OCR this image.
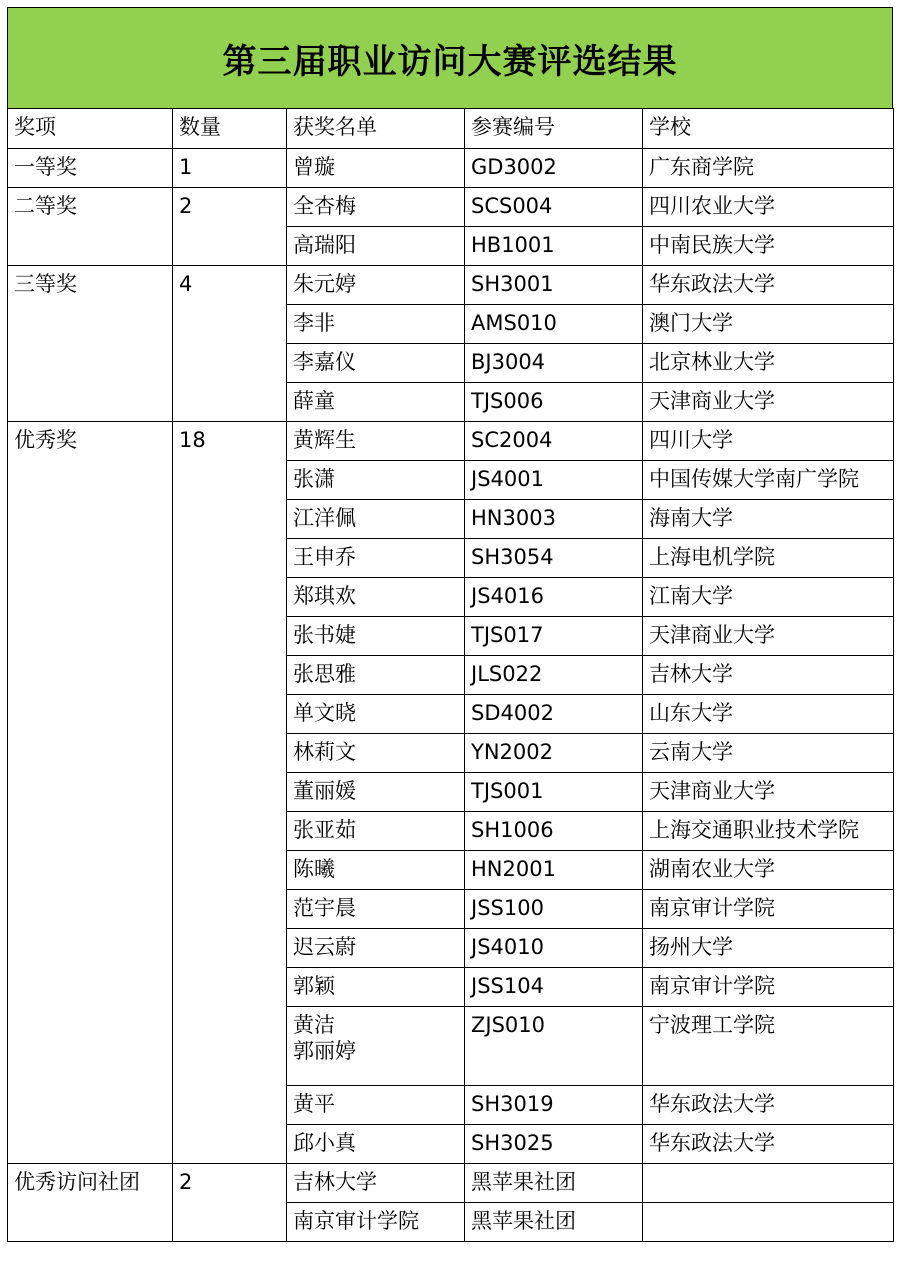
第三届职业访问大赛评选结果
奖项	数量	获奖名单	参赛编号	学校
一等奖	1	曾璇	GD3002	广东商学院
二等奖	2	全杏梅	SCS004	四川农业大学

		高瑞阳	HB1001	中南民族大学
三等奖	4	朱元婷	SH3001	华东政法大学

		李非	AMS010	澳门大学

		李嘉仪	BJ3004	北京林业大学

		薛童	TJS006	天津商业大学
优秀奖	18	黄辉生	SC2004	四川大学

		张潇	JS4001	中国传媒大学南广学院

		江洋佩	HN3003	海南大学

		王申乔	SH3054	上海电机学院

		郑琪欢	JS4016	江南大学

		张书婕	TJS017	天津商业大学

		张思雅	JLS022	吉林大学

		单文晓	SD4002	山东大学

		林莉文	YN2002	云南大学

		董丽媛	TJS001	天津商业大学

		张亚茹	SH1006	上海交通职业技术学院

		陈曦	HN2001	湖南农业大学

		范宇晨	JSS100	南京审计学院

		迟云蔚	JS4010	扬州大学

		郭颖	JSS104	南京审计学院

		黄洁
郭丽婷	ZJS010	宁波理工学院

		黄平	SH3019	华东政法大学

		邱小真	SH3025	华东政法大学
优秀访问社团	2	吉林大学	黑苹果社团	

		南京审计学院	黑苹果社团	
